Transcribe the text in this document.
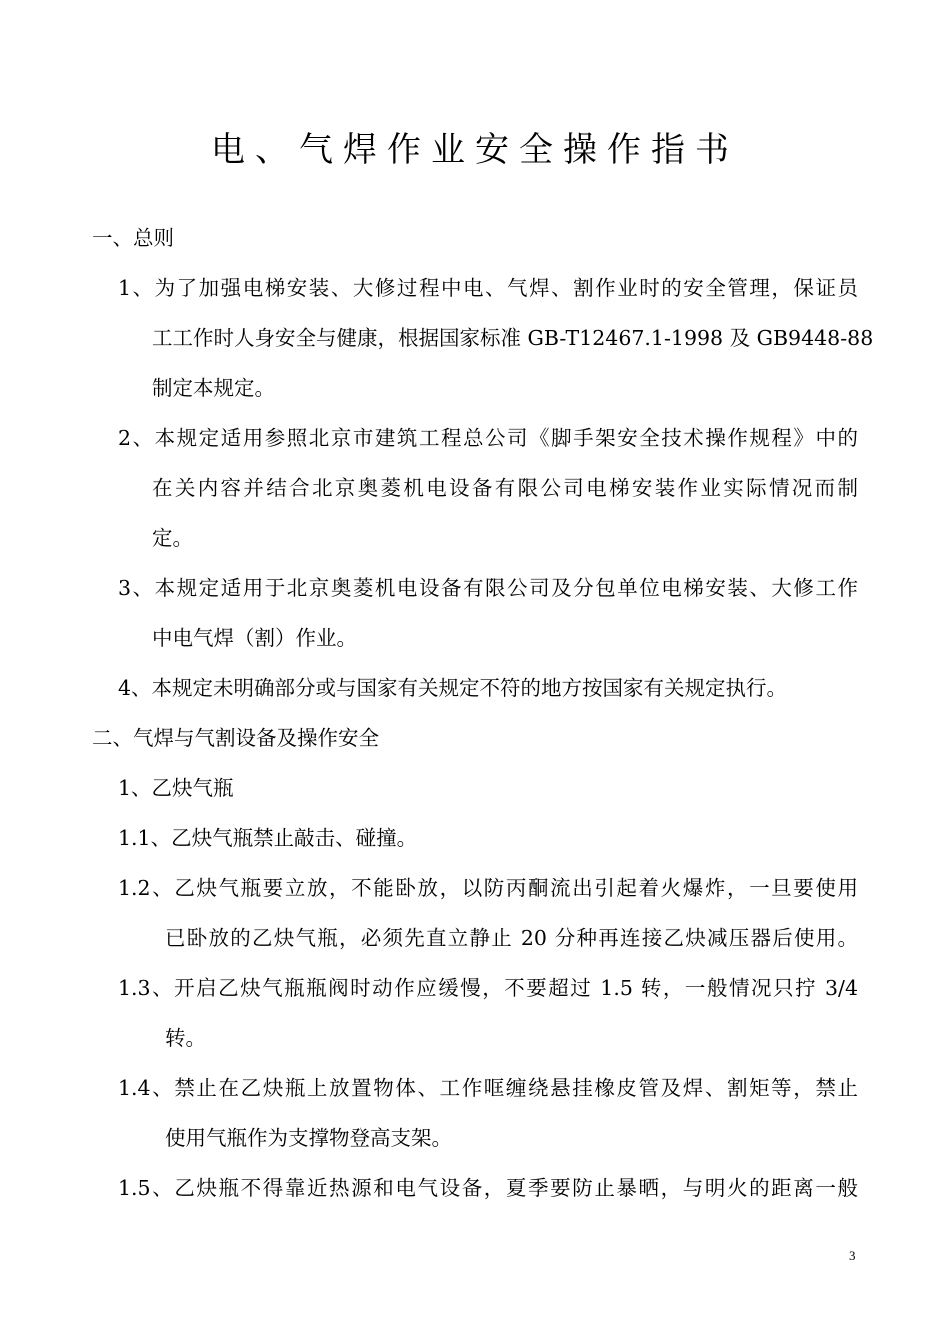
电、气焊作业安全操作指书
一、总则
1、为了加强电梯安装、大修过程中电、气焊、割作业时的安全管理，保证员
工工作时人身安全与健康，根据国家标准 GB-T12467.1-1998 及 GB9448-88
制定本规定。
2、本规定适用参照北京市建筑工程总公司《脚手架安全技术操作规程》中的
在关内容并结合北京奥菱机电设备有限公司电梯安装作业实际情况而制
定。
3、本规定适用于北京奥菱机电设备有限公司及分包单位电梯安装、大修工作
中电气焊（割）作业。
4、本规定未明确部分或与国家有关规定不符的地方按国家有关规定执行。
二、气焊与气割设备及操作安全
1、乙炔气瓶
1.1、乙炔气瓶禁止敲击、碰撞。
1.2、乙炔气瓶要立放，不能卧放，以防丙酮流出引起着火爆炸，一旦要使用
已卧放的乙炔气瓶，必须先直立静止 20 分种再连接乙炔减压器后使用。
1.3、开启乙炔气瓶瓶阀时动作应缓慢，不要超过 1.5 转，一般情况只拧 3/4
转。
1.4、禁止在乙炔瓶上放置物体、工作哐缠绕悬挂橡皮管及焊、割矩等，禁止
使用气瓶作为支撑物登高支架。
1.5、乙炔瓶不得靠近热源和电气设备，夏季要防止暴晒，与明火的距离一般
3
